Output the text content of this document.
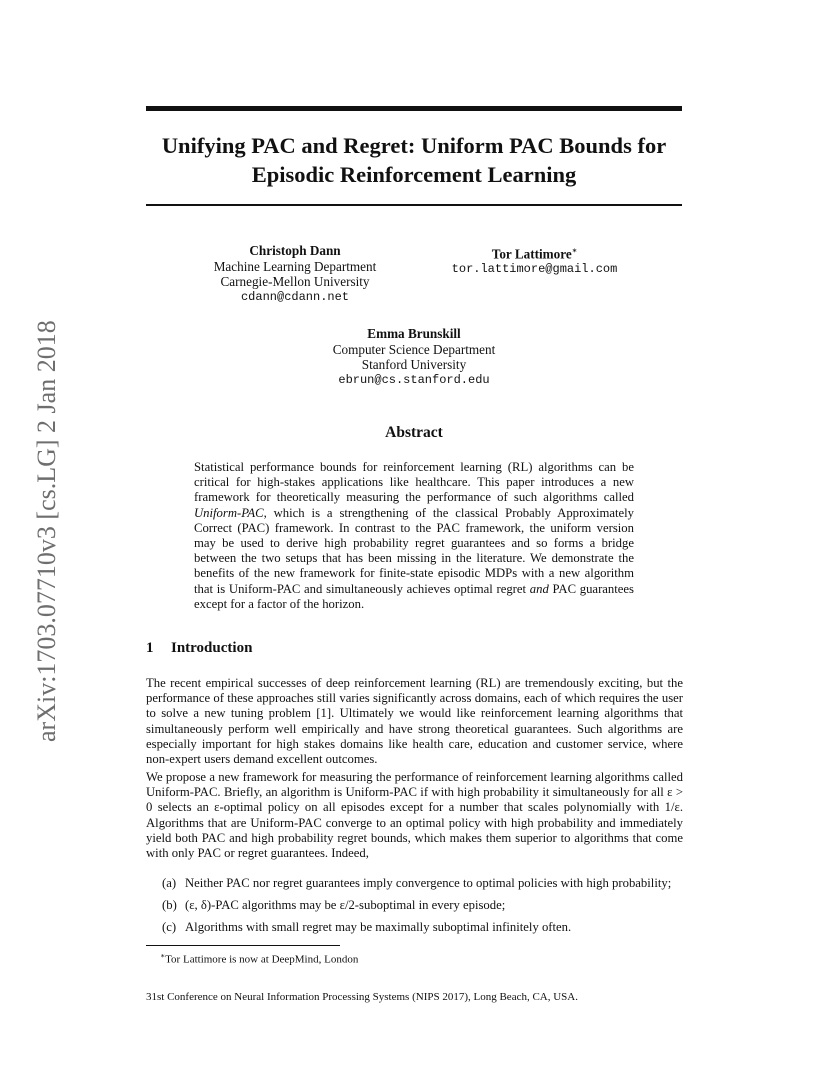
arXiv:1703.07710v3 [cs.LG] 2 Jan 2018
Unifying PAC and Regret: Uniform PAC Bounds for
Episodic Reinforcement Learning
Christoph Dann
Machine Learning Department
Carnegie-Mellon University
cdann@cdann.net
Tor Lattimore∗
tor.lattimore@gmail.com
Emma Brunskill
Computer Science Department
Stanford University
ebrun@cs.stanford.edu
Abstract
Statistical performance bounds for reinforcement learning (RL) algorithms can be critical for high-stakes applications like healthcare. This paper introduces a new framework for theoretically measuring the performance of such algorithms called Uniform-PAC, which is a strengthening of the classical Probably Approximately Correct (PAC) framework. In contrast to the PAC framework, the uniform version may be used to derive high probability regret guarantees and so forms a bridge between the two setups that has been missing in the literature. We demonstrate the benefits of the new framework for finite-state episodic MDPs with a new algorithm that is Uniform-PAC and simultaneously achieves optimal regret and PAC guarantees except for a factor of the horizon.
1 Introduction
The recent empirical successes of deep reinforcement learning (RL) are tremendously exciting, but the performance of these approaches still varies significantly across domains, each of which requires the user to solve a new tuning problem [1]. Ultimately we would like reinforcement learning algorithms that simultaneously perform well empirically and have strong theoretical guarantees. Such algorithms are especially important for high stakes domains like health care, education and customer service, where non-expert users demand excellent outcomes.
We propose a new framework for measuring the performance of reinforcement learning algorithms called Uniform-PAC. Briefly, an algorithm is Uniform-PAC if with high probability it simultaneously for all ε > 0 selects an ε-optimal policy on all episodes except for a number that scales polynomially with 1/ε. Algorithms that are Uniform-PAC converge to an optimal policy with high probability and immediately yield both PAC and high probability regret bounds, which makes them superior to algorithms that come with only PAC or regret guarantees. Indeed,
(a) Neither PAC nor regret guarantees imply convergence to optimal policies with high probability;
(b) (ε, δ)-PAC algorithms may be ε/2-suboptimal in every episode;
(c) Algorithms with small regret may be maximally suboptimal infinitely often.
∗Tor Lattimore is now at DeepMind, London
31st Conference on Neural Information Processing Systems (NIPS 2017), Long Beach, CA, USA.
